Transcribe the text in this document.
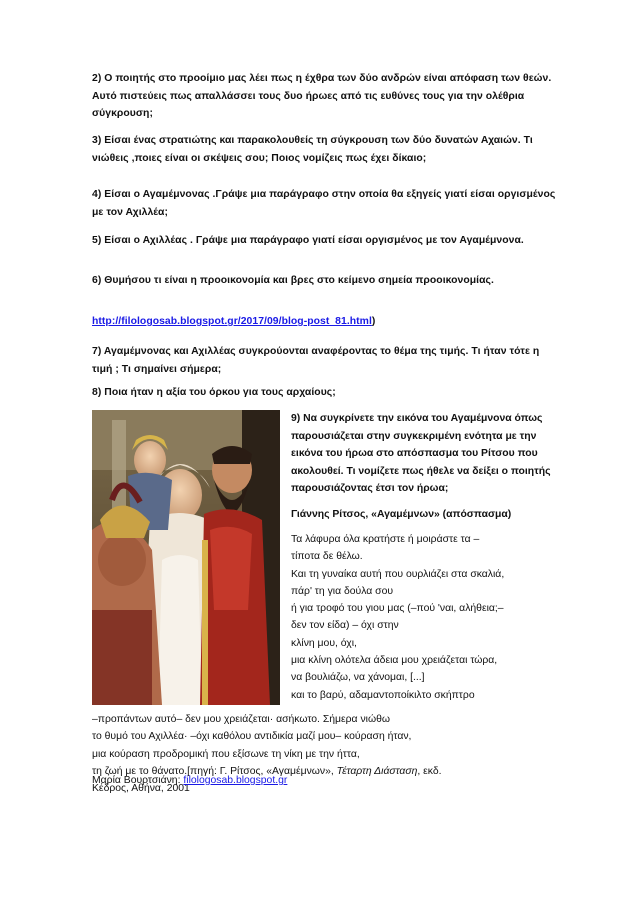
2) Ο ποιητής στο προοίμιο μας λέει πως η έχθρα των δύο ανδρών είναι απόφαση των θεών. Αυτό πιστεύεις πως απαλλάσσει τους δυο ήρωες από τις ευθύνες τους για την ολέθρια σύγκρουση;
3) Είσαι ένας στρατιώτης και παρακολουθείς τη σύγκρουση των δύο δυνατών Αχαιών. Τι νιώθεις ,ποιες είναι οι σκέψεις σου; Ποιος νομίζεις πως έχει δίκαιο;
4) Είσαι ο Αγαμέμνονας .Γράψε μια παράγραφο στην οποία θα εξηγείς γιατί είσαι οργισμένος με τον Αχιλλέα;
5) Είσαι ο Αχιλλέας . Γράψε μια παράγραφο γιατί είσαι οργισμένος με τον Αγαμέμνονα.
6) Θυμήσου τι είναι η προοικονομία και βρες στο κείμενο σημεία προοικονομίας.
http://filologosab.blogspot.gr/2017/09/blog-post_81.html)
7) Αγαμέμνονας και Αχιλλέας συγκρούονται αναφέροντας το θέμα της τιμής. Τι ήταν τότε η τιμή ; Τι σημαίνει σήμερα;
8) Ποια ήταν η αξία του όρκου για τους αρχαίους;
9) Να συγκρίνετε την εικόνα του Αγαμέμνονα όπως παρουσιάζεται στην συγκεκριμένη ενότητα με την εικόνα του ήρωα στο απόσπασμα του Ρίτσου που ακολουθεί. Τι νομίζετε πως ήθελε να δείξει ο ποιητής παρουσιάζοντας έτσι τον ήρωα;
Γιάννης Ρίτσος, «Αγαμέμνων» (απόσπασμα)
Τα λάφυρα όλα κρατήστε ή μοιράστε τα –
τίποτα δε θέλω.
Και τη γυναίκα αυτή που ουρλιάζει στα σκαλιά,
πάρ' τη για δούλα σου
ή για τροφό του γιου μας (–πού 'ναι, αλήθεια;–
δεν τον είδα) – όχι στην
κλίνη μου, όχι,
μια κλίνη ολότελα άδεια μου χρειάζεται τώρα,
να βουλιάζω, να χάνομαι, [...]
και το βαρύ, αδαμαντοποίκιλτο σκήπτρο
–προπάντων αυτό– δεν μου χρειάζεται· ασήκωτο. Σήμερα νιώθω
το θυμό του Αχιλλέα· –όχι καθόλου αντιδικία μαζί μου– κούραση ήταν,
μια κούραση προδρομική που εξίσωνε τη νίκη με την ήττα,
τη ζωή με το θάνατο.[πηγή: Γ. Ρίτσος, «Αγαμέμνων», Τέταρτη Διάσταση, εκδ.
Κέδρος, Αθήνα, 2001
Μαρία Βουρτσιάνη: filologosab.blogspot.gr
